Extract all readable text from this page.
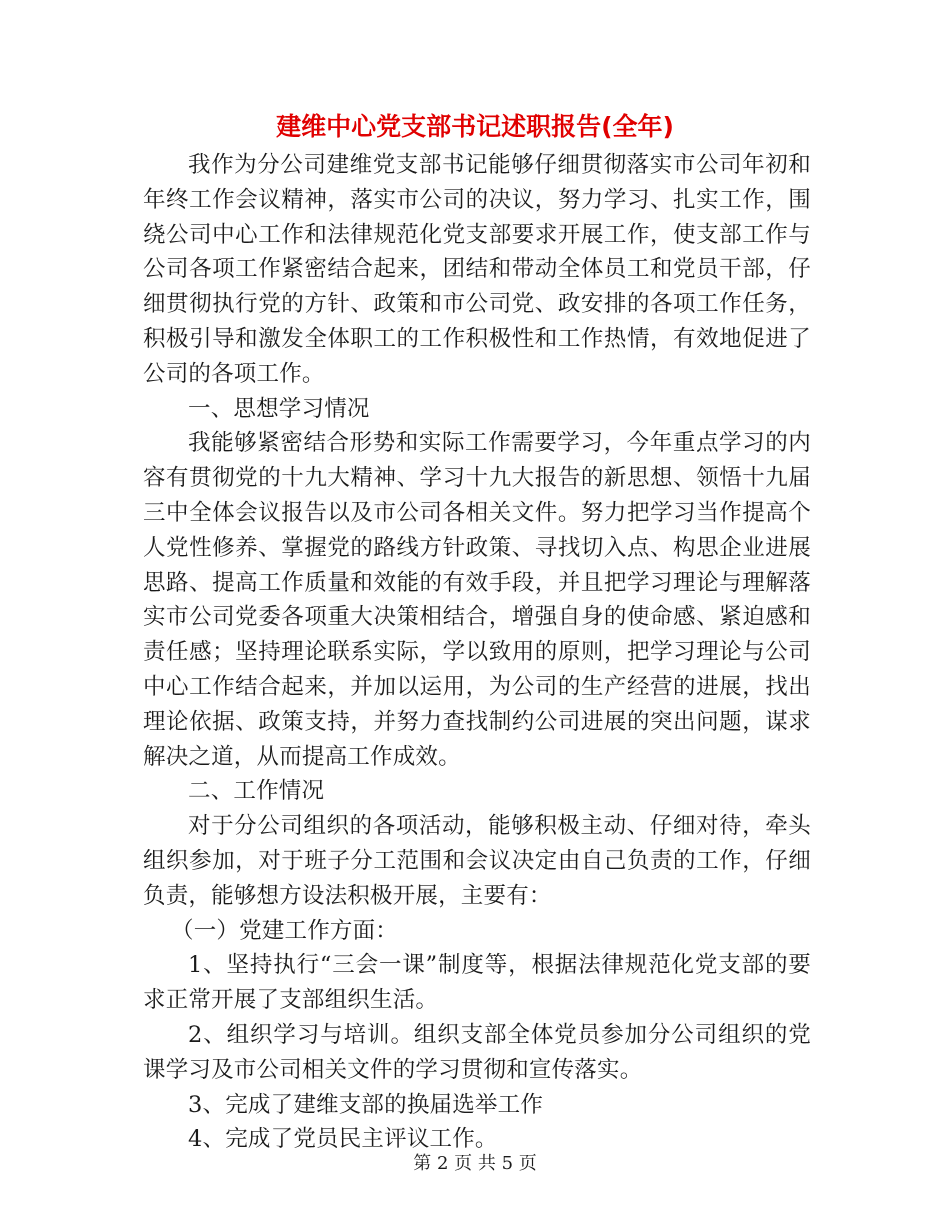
建维中心党支部书记述职报告(全年)

我作为分公司建维党支部书记能够仔细贯彻落实市公司年初和年终工作会议精神，落实市公司的决议，努力学习、扎实工作，围绕公司中心工作和法律规范化党支部要求开展工作，使支部工作与公司各项工作紧密结合起来，团结和带动全体员工和党员干部，仔细贯彻执行党的方针、政策和市公司党、政安排的各项工作任务，积极引导和激发全体职工的工作积极性和工作热情，有效地促进了公司的各项工作。

一、思想学习情况

我能够紧密结合形势和实际工作需要学习，今年重点学习的内容有贯彻党的十九大精神、学习十九大报告的新思想、领悟十九届三中全体会议报告以及市公司各相关文件。努力把学习当作提高个人党性修养、掌握党的路线方针政策、寻找切入点、构思企业进展思路、提高工作质量和效能的有效手段，并且把学习理论与理解落实市公司党委各项重大决策相结合，增强自身的使命感、紧迫感和责任感；坚持理论联系实际，学以致用的原则，把学习理论与公司中心工作结合起来，并加以运用，为公司的生产经营的进展，找出理论依据、政策支持，并努力查找制约公司进展的突出问题，谋求解决之道，从而提高工作成效。

二、工作情况

对于分公司组织的各项活动，能够积极主动、仔细对待，牵头组织参加，对于班子分工范围和会议决定由自己负责的工作，仔细负责，能够想方设法积极开展，主要有：

（一）党建工作方面：

1、坚持执行“三会一课”制度等，根据法律规范化党支部的要求正常开展了支部组织生活。

2、组织学习与培训。组织支部全体党员参加分公司组织的党课学习及市公司相关文件的学习贯彻和宣传落实。

3、完成了建维支部的换届选举工作

4、完成了党员民主评议工作。

第 2 页 共 5 页
